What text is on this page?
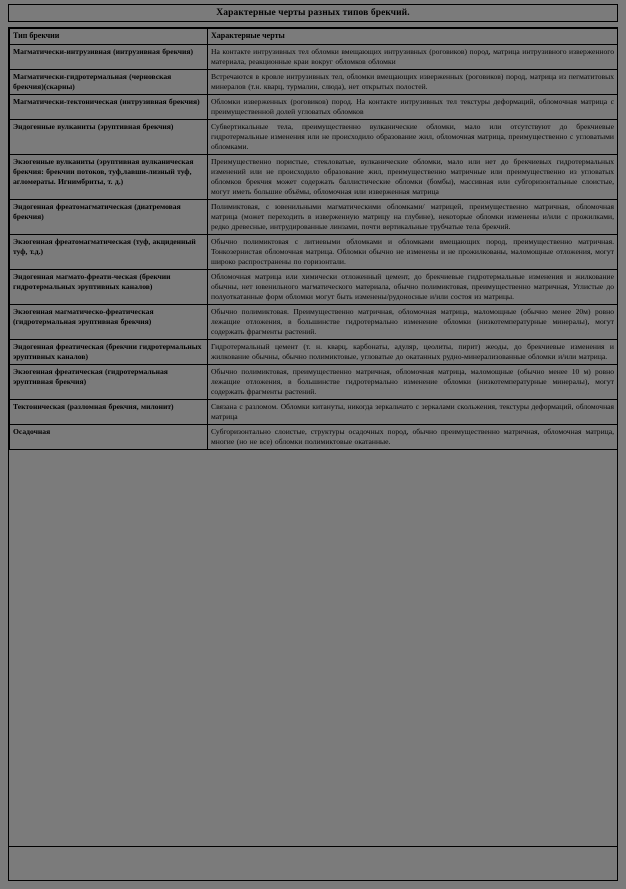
Характерные черты разных типов брекчий.
Тип брекчии	Характерные черты
Магматически-интрузивная (интрузивная брекчия)	На контакте интрузивных тел обломки вмещающих интрузивных (роговиков) пород, матрица интрузивного изверженного материала, реакционные краи вокруг обломков обломки
Магматически-гидротермальная (черновская брекчия)(скарны)	Встречаются в кровле интрузивных тел, обломки вмещающих изверженных (роговиков) пород, матрица из пегматитовых минералов (т.н. кварц, турмалин, слюда), нет открытых полостей.
Магматически-тектоническая (интрузивная брекчия)	Обломки изверженных (роговиков) пород. На контакте интрузивных тел текстуры деформаций, обломочная матрица с преимущественной долей угловатых обломков
Эндогенные вулканиты (эруптивная брекчия)	Субвертикальные тела, преимущественно вулканические обломки, мало или отсутствуют до брекчиевые гидротермальные изменения или не происходило образование жил, обломочная матрица, преимущественно с угловатыми обломками.
Экзогенные вулканиты (эруптивная вулканическая брекчия: брекчии потоков, туф,лавши-лизный туф, агломераты. Игнимбриты, т. д.)	Преимущественно пористые, стекловатые, вулканические обломки, мало или нет до брекчиевых гидротермальных изменений или не происходило образование жил, преимущественно матричные или преимущественно из угловатых обломков брекчия может содержать баллистические обломки (бомбы), массивная или субгоризонтальные слоистые, могут иметь большие объёмы, обломочная или изверженная матрица
Эндогенная фреатомагматическая (диатремовая брекчия)	Полимиктовая, с ювенильными магматическими обломками/ матрицей, преимущественно матричная, обломочная матрица (может переходить в изверженную матрицу на глубине), некоторые обломки изменены и/или с прожилками, редко древесные, интрудированные линзами, почти вертикальные трубчатые тела брекчий.
Экзогенная фреатомагматическая (туф, акциденный туф, т.д.)	Обычно полимиктовая с литиевыми обломками и обломками вмещающих пород, преимущественно матричная. Тонкозернистая обломочная матрица. Обломки обычно не изменены и не прожилкованы, маломощные отложения, могут широко распространены по горизонтали.
Эндогенная магмато-фреати-ческая (брекчии гидротермальных эруптивных каналов)	Обломочная матрица или химически отложенный цемент, до брекчиевые гидротермальные изменения и жилкование обычны, нет ювенильного магматического материала, обычно полимиктовая, преимущественно матричная, Углистые до полуоткатанные форм обломки могут быть изменены/рудоносные и/или состоя из матрицы.
Экзогенная магматическо-фреатическая (гидротермальная эруптивная брекчия)	Обычно полимиктовая. Преимущественно матричная, обломочная матрица, маломощные (обычно менее 20м) ровно лежащие отложения, в большинстве гидротермально изменение обломки (низкотемпературные минералы), могут содержать фрагменты растений.
Эндогенная фреатическая (брекчии гидротермальных эруптивных каналов)	Гидротермальный цемент (т. н. кварц, карбонаты, адуляр, цеолиты, пирит) жеоды, до брекчиевые изменения и жилкование обычны, обычно полимиктовые, угловатые до окатанных рудно-минерализованные обломки и/или матрица.
Экзогенная фреатическая (гидротермальная эруптивная брекчия)	Обычно полимиктовая, преимущественно матричная, обломочная матрица, маломощные (обычно менее 10 м) ровно лежащие отложения, в большинстве гидротермально изменение обломки (низкотемпературные минералы), могут содержать фрагменты растений.
Тектоническая (разломная брекчия, милонит)	Связана с разломом. Обломки китануты, никогда зеркальчато с зеркалами скольжения, текстуры деформаций, обломочная матрица
Осадочная	Субгоризонтально слоистые, структуры осадочных пород, обычно преимущественно матричная, обломочная матрица, многие (но не все) обломки полимиктовые окатанные.
